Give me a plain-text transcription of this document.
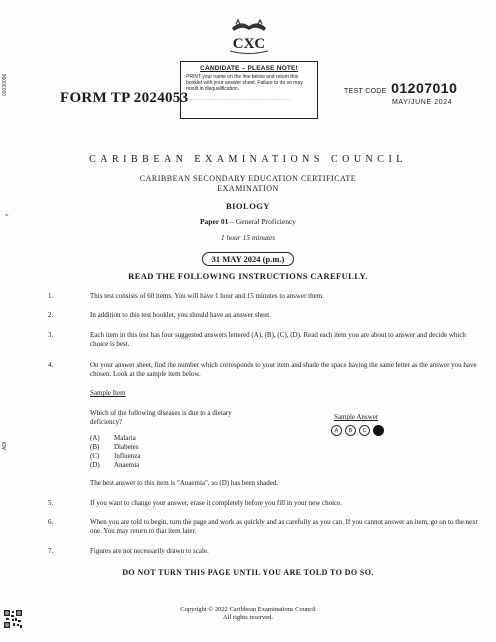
02030056
=
ADI
CXC
CANDIDATE – PLEASE NOTE!
PRINT your name on the line below and return this booklet with your answer sheet. Failure to do so may result in disqualification.
............................................
FORM TP 2024053	TEST CODE 01207010
MAY/JUNE 2024
CARIBBEAN EXAMINATIONS COUNCIL
CARIBBEAN SECONDARY EDUCATION CERTIFICATE
EXAMINATION
BIOLOGY
Paper 01 – General Proficiency
1 hour 15 minutes
31 MAY 2024 (p.m.)
READ THE FOLLOWING INSTRUCTIONS CAREFULLY.
1.	This test consists of 60 items. You will have 1 hour and 15 minutes to answer them.
2.	In addition to this test booklet, you should have an answer sheet.
3.	Each item in this test has four suggested answers lettered (A), (B), (C), (D). Read each item you are about to answer and decide which choice is best.
4.	On your answer sheet, find the number which corresponds to your item and shade the space having the same letter as the answer you have chosen. Look at the sample item below.
Sample Item
Which of the following diseases is due to a dietary deficiency?
(A) Malaria
(B) Diabetes
(C) Influenza
(D) Anaemia
Sample Answer
A	B	C
The best answer to this item is "Anaemia", so (D) has been shaded.
5.	If you want to change your answer, erase it completely before you fill in your new choice.
6.	When you are told to begin, turn the page and work as quickly and as carefully as you can. If you cannot answer an item, go on to the next one. You may return to that item later.
7.	Figures are not necessarily drawn to scale.
DO NOT TURN THIS PAGE UNTIL YOU ARE TOLD TO DO SO.
Copyright © 2022 Caribbean Examinations Council
All rights reserved.
